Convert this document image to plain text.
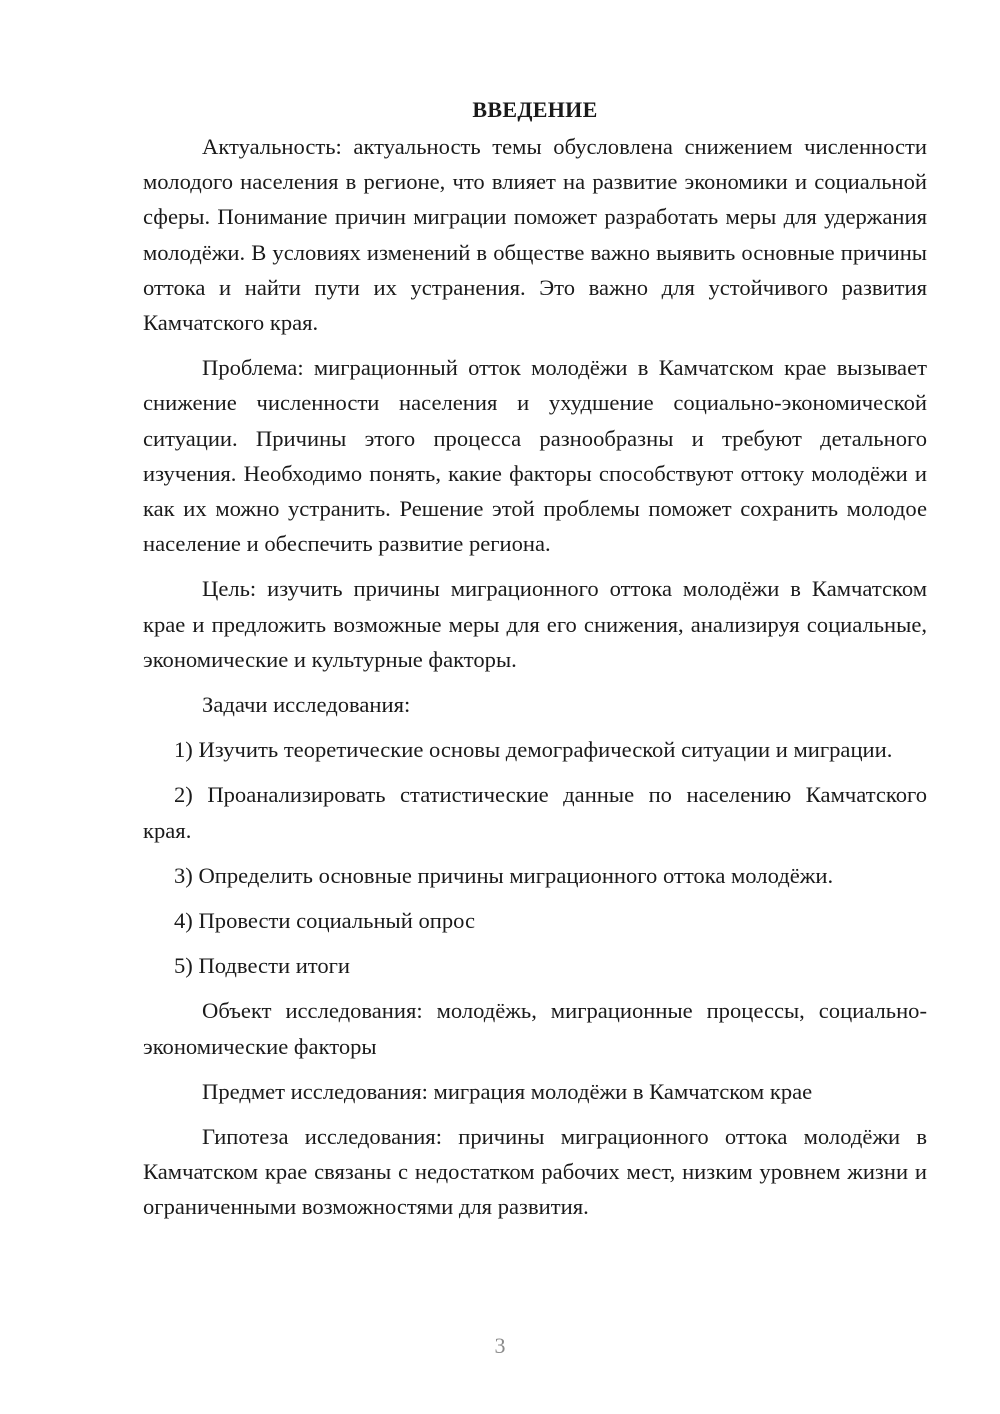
ВВЕДЕНИЕ

Актуальность: актуальность темы обусловлена снижением численности молодого населения в регионе, что влияет на развитие экономики и социальной сферы. Понимание причин миграции поможет разработать меры для удержания молодёжи. В условиях изменений в обществе важно выявить основные причины оттока и найти пути их устранения. Это важно для устойчивого развития Камчатского края.

Проблема: миграционный отток молодёжи в Камчатском крае вызывает снижение численности населения и ухудшение социально-экономической ситуации. Причины этого процесса разнообразны и требуют детального изучения. Необходимо понять, какие факторы способствуют оттоку молодёжи и как их можно устранить. Решение этой проблемы поможет сохранить молодое население и обеспечить развитие региона.

Цель: изучить причины миграционного оттока молодёжи в Камчатском крае и предложить возможные меры для его снижения, анализируя социальные, экономические и культурные факторы.

Задачи исследования:

1) Изучить теоретические основы демографической ситуации и миграции.

2) Проанализировать статистические данные по населению Камчатского края.

3) Определить основные причины миграционного оттока молодёжи.

4) Провести социальный опрос

5) Подвести итоги

Объект исследования: молодёжь, миграционные процессы, социально-экономические факторы

Предмет исследования: миграция молодёжи в Камчатском крае

Гипотеза исследования: причины миграционного оттока молодёжи в Камчатском крае связаны с недостатком рабочих мест, низким уровнем жизни и ограниченными возможностями для развития.

3
